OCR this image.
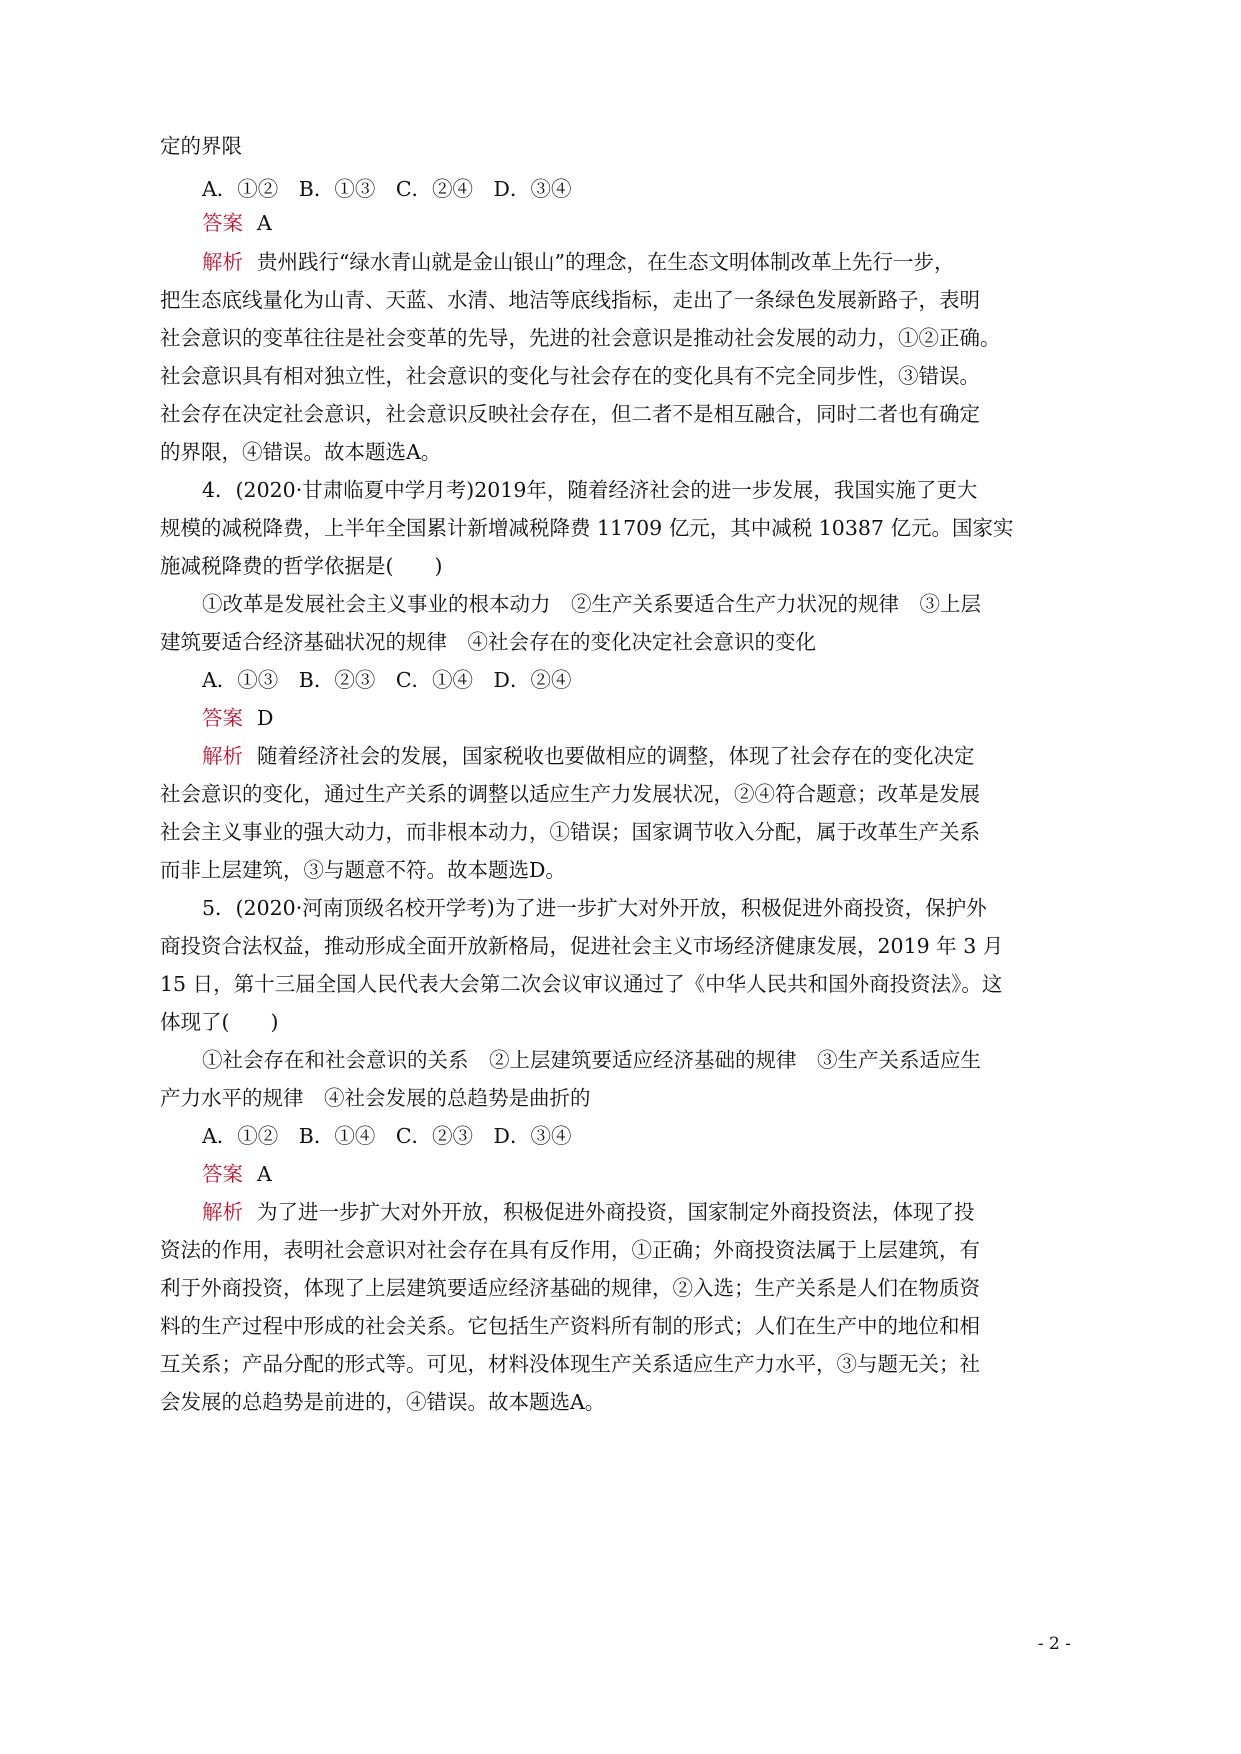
定的界限
A．①②　B．①③　C．②④　D．③④
答案 A
解析 贵州践行“绿水青山就是金山银山”的理念，在生态文明体制改革上先行一步，
把生态底线量化为山青、天蓝、水清、地洁等底线指标，走出了一条绿色发展新路子，表明
社会意识的变革往往是社会变革的先导，先进的社会意识是推动社会发展的动力，①②正确。
社会意识具有相对独立性，社会意识的变化与社会存在的变化具有不完全同步性，③错误。
社会存在决定社会意识，社会意识反映社会存在，但二者不是相互融合，同时二者也有确定
的界限，④错误。故本题选A。
4．(2020·甘肃临夏中学月考)2019年，随着经济社会的进一步发展，我国实施了更大
规模的减税降费，上半年全国累计新增减税降费 11709 亿元，其中减税 10387 亿元。国家实
施减税降费的哲学依据是(　　)
①改革是发展社会主义事业的根本动力　②生产关系要适合生产力状况的规律　③上层
建筑要适合经济基础状况的规律　④社会存在的变化决定社会意识的变化
A．①③　B．②③　C．①④　D．②④
答案 D
解析 随着经济社会的发展，国家税收也要做相应的调整，体现了社会存在的变化决定
社会意识的变化，通过生产关系的调整以适应生产力发展状况，②④符合题意；改革是发展
社会主义事业的强大动力，而非根本动力，①错误；国家调节收入分配，属于改革生产关系
而非上层建筑，③与题意不符。故本题选D。
5．(2020·河南顶级名校开学考)为了进一步扩大对外开放，积极促进外商投资，保护外
商投资合法权益，推动形成全面开放新格局，促进社会主义市场经济健康发展，2019 年 3 月
15 日，第十三届全国人民代表大会第二次会议审议通过了《中华人民共和国外商投资法》。这
体现了(　　)
①社会存在和社会意识的关系　②上层建筑要适应经济基础的规律　③生产关系适应生
产力水平的规律　④社会发展的总趋势是曲折的
A．①②　B．①④　C．②③　D．③④
答案 A
解析 为了进一步扩大对外开放，积极促进外商投资，国家制定外商投资法，体现了投
资法的作用，表明社会意识对社会存在具有反作用，①正确；外商投资法属于上层建筑，有
利于外商投资，体现了上层建筑要适应经济基础的规律，②入选；生产关系是人们在物质资
料的生产过程中形成的社会关系。它包括生产资料所有制的形式；人们在生产中的地位和相
互关系；产品分配的形式等。可见，材料没体现生产关系适应生产力水平，③与题无关；社
会发展的总趋势是前进的，④错误。故本题选A。
- 2 -
